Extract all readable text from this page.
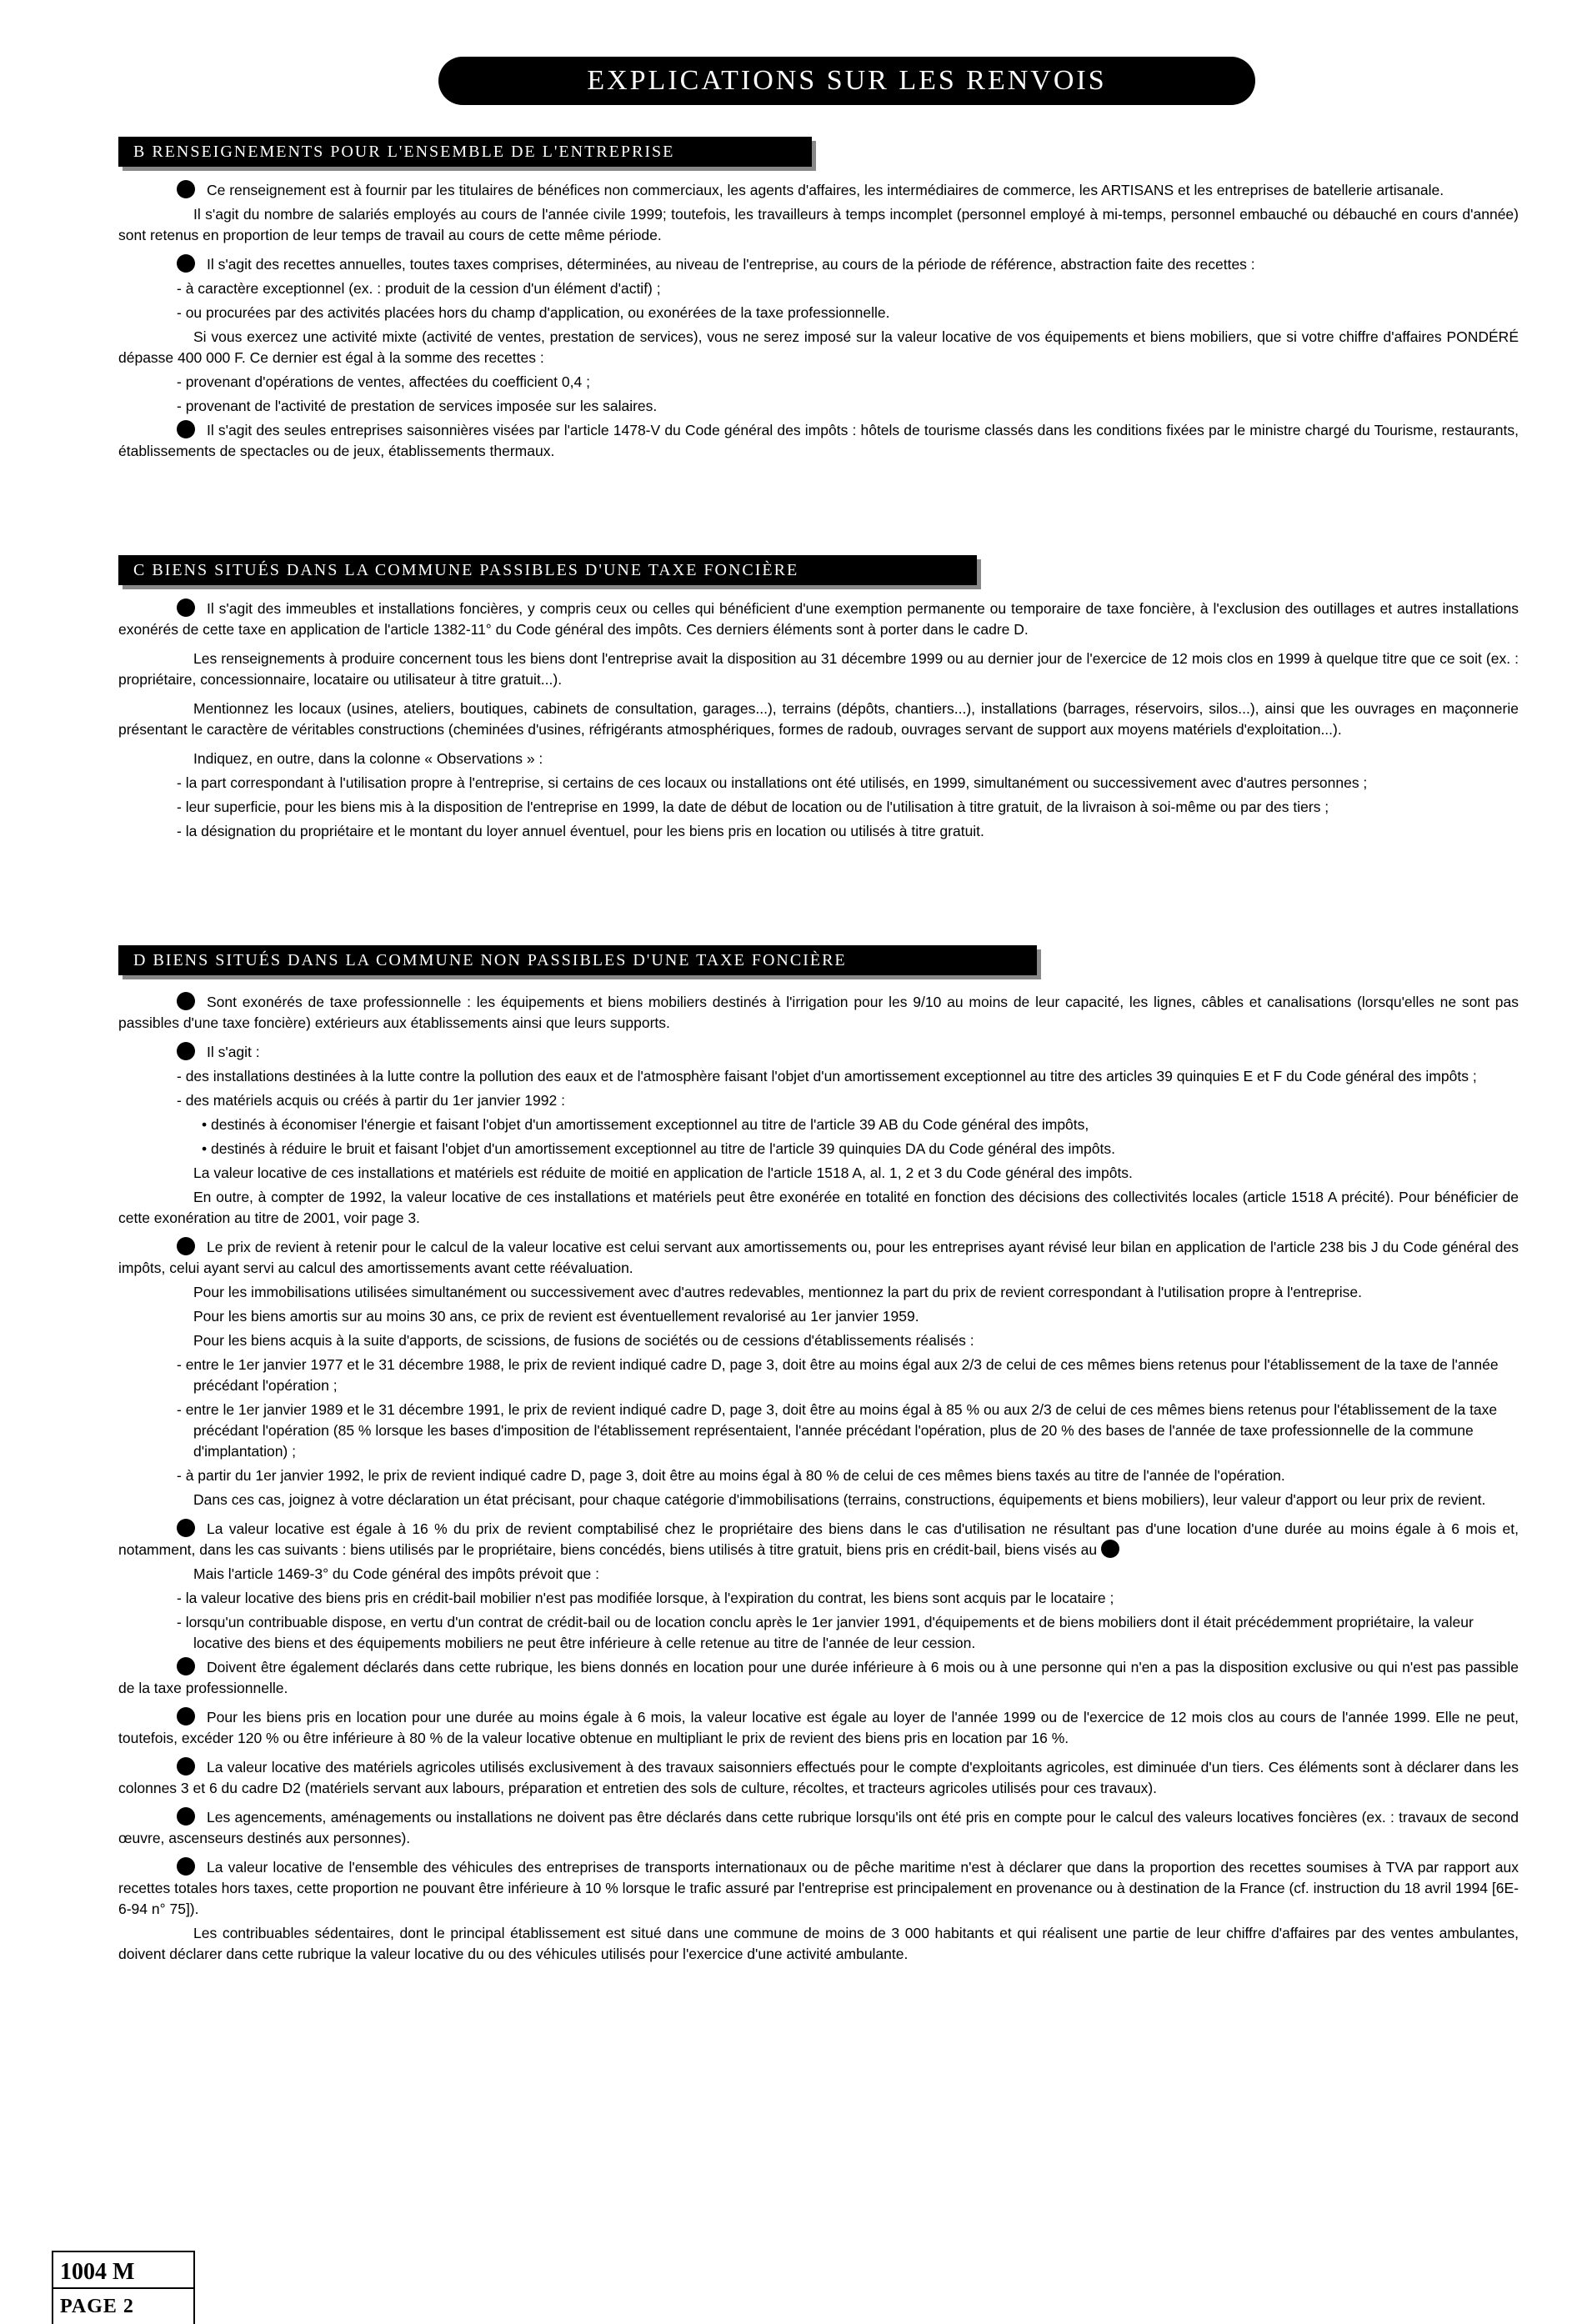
EXPLICATIONS SUR LES RENVOIS
B RENSEIGNEMENTS POUR L'ENSEMBLE DE L'ENTREPRISE

Ce renseignement est à fournir par les titulaires de bénéfices non commerciaux, les agents d'affaires, les intermédiaires de commerce, les ARTISANS et les entreprises de batellerie artisanale.

Il s'agit du nombre de salariés employés au cours de l'année civile 1999; toutefois, les travailleurs à temps incomplet (personnel employé à mi-temps, personnel embauché ou débauché en cours d'année) sont retenus en proportion de leur temps de travail au cours de cette même période.

Il s'agit des recettes annuelles, toutes taxes comprises, déterminées, au niveau de l'entreprise, au cours de la période de référence, abstraction faite des recettes :

- à caractère exceptionnel (ex. : produit de la cession d'un élément d'actif) ;

- ou procurées par des activités placées hors du champ d'application, ou exonérées de la taxe professionnelle.

Si vous exercez une activité mixte (activité de ventes, prestation de services), vous ne serez imposé sur la valeur locative de vos équipements et biens mobiliers, que si votre chiffre d'affaires PONDÉRÉ dépasse 400 000 F. Ce dernier est égal à la somme des recettes :

- provenant d'opérations de ventes, affectées du coefficient 0,4 ;

- provenant de l'activité de prestation de services imposée sur les salaires.

Il s'agit des seules entreprises saisonnières visées par l'article 1478-V du Code général des impôts : hôtels de tourisme classés dans les conditions fixées par le ministre chargé du Tourisme, restaurants, établissements de spectacles ou de jeux, établissements thermaux.

C BIENS SITUÉS DANS LA COMMUNE PASSIBLES D'UNE TAXE FONCIÈRE

Il s'agit des immeubles et installations foncières, y compris ceux ou celles qui bénéficient d'une exemption permanente ou temporaire de taxe foncière, à l'exclusion des outillages et autres installations exonérés de cette taxe en application de l'article 1382-11° du Code général des impôts. Ces derniers éléments sont à porter dans le cadre D.

Les renseignements à produire concernent tous les biens dont l'entreprise avait la disposition au 31 décembre 1999 ou au dernier jour de l'exercice de 12 mois clos en 1999 à quelque titre que ce soit (ex. : propriétaire, concessionnaire, locataire ou utilisateur à titre gratuit...).

Mentionnez les locaux (usines, ateliers, boutiques, cabinets de consultation, garages...), terrains (dépôts, chantiers...), installations (barrages, réservoirs, silos...), ainsi que les ouvrages en maçonnerie présentant le caractère de véritables constructions (cheminées d'usines, réfrigérants atmosphériques, formes de radoub, ouvrages servant de support aux moyens matériels d'exploitation...).

Indiquez, en outre, dans la colonne « Observations » :

- la part correspondant à l'utilisation propre à l'entreprise, si certains de ces locaux ou installations ont été utilisés, en 1999, simultanément ou successivement avec d'autres personnes ;

- leur superficie, pour les biens mis à la disposition de l'entreprise en 1999, la date de début de location ou de l'utilisation à titre gratuit, de la livraison à soi-même ou par des tiers ;

- la désignation du propriétaire et le montant du loyer annuel éventuel, pour les biens pris en location ou utilisés à titre gratuit.

D BIENS SITUÉS DANS LA COMMUNE NON PASSIBLES D'UNE TAXE FONCIÈRE

Sont exonérés de taxe professionnelle : les équipements et biens mobiliers destinés à l'irrigation pour les 9/10 au moins de leur capacité, les lignes, câbles et canalisations (lorsqu'elles ne sont pas passibles d'une taxe foncière) extérieurs aux établissements ainsi que leurs supports.

Il s'agit :

- des installations destinées à la lutte contre la pollution des eaux et de l'atmosphère faisant l'objet d'un amortissement exceptionnel au titre des articles 39 quinquies E et F du Code général des impôts ;

- des matériels acquis ou créés à partir du 1er janvier 1992 :

• destinés à économiser l'énergie et faisant l'objet d'un amortissement exceptionnel au titre de l'article 39 AB du Code général des impôts,

• destinés à réduire le bruit et faisant l'objet d'un amortissement exceptionnel au titre de l'article 39 quinquies DA du Code général des impôts.

La valeur locative de ces installations et matériels est réduite de moitié en application de l'article 1518 A, al. 1, 2 et 3 du Code général des impôts.

En outre, à compter de 1992, la valeur locative de ces installations et matériels peut être exonérée en totalité en fonction des décisions des collectivités locales (article 1518 A précité). Pour bénéficier de cette exonération au titre de 2001, voir page 3.

Le prix de revient à retenir pour le calcul de la valeur locative est celui servant aux amortissements ou, pour les entreprises ayant révisé leur bilan en application de l'article 238 bis J du Code général des impôts, celui ayant servi au calcul des amortissements avant cette réévaluation.

Pour les immobilisations utilisées simultanément ou successivement avec d'autres redevables, mentionnez la part du prix de revient correspondant à l'utilisation propre à l'entreprise.

Pour les biens amortis sur au moins 30 ans, ce prix de revient est éventuellement revalorisé au 1er janvier 1959.

Pour les biens acquis à la suite d'apports, de scissions, de fusions de sociétés ou de cessions d'établissements réalisés :

- entre le 1er janvier 1977 et le 31 décembre 1988, le prix de revient indiqué cadre D, page 3, doit être au moins égal aux 2/3 de celui de ces mêmes biens retenus pour l'établissement de la taxe de l'année précédant l'opération ;

- entre le 1er janvier 1989 et le 31 décembre 1991, le prix de revient indiqué cadre D, page 3, doit être au moins égal à 85 % ou aux 2/3 de celui de ces mêmes biens retenus pour l'établissement de la taxe précédant l'opération (85 % lorsque les bases d'imposition de l'établissement représentaient, l'année précédant l'opération, plus de 20 % des bases de l'année de taxe professionnelle de la commune d'implantation) ;

- à partir du 1er janvier 1992, le prix de revient indiqué cadre D, page 3, doit être au moins égal à 80 % de celui de ces mêmes biens taxés au titre de l'année de l'opération.

Dans ces cas, joignez à votre déclaration un état précisant, pour chaque catégorie d'immobilisations (terrains, constructions, équipements et biens mobiliers), leur valeur d'apport ou leur prix de revient.

La valeur locative est égale à 16 % du prix de revient comptabilisé chez le propriétaire des biens dans le cas d'utilisation ne résultant pas d'une location d'une durée au moins égale à 6 mois et, notamment, dans les cas suivants : biens utilisés par le propriétaire, biens concédés, biens utilisés à titre gratuit, biens pris en crédit-bail, biens visés au

Mais l'article 1469-3° du Code général des impôts prévoit que :

- la valeur locative des biens pris en crédit-bail mobilier n'est pas modifiée lorsque, à l'expiration du contrat, les biens sont acquis par le locataire ;

- lorsqu'un contribuable dispose, en vertu d'un contrat de crédit-bail ou de location conclu après le 1er janvier 1991, d'équipements et de biens mobiliers dont il était précédemment propriétaire, la valeur locative des biens et des équipements mobiliers ne peut être inférieure à celle retenue au titre de l'année de leur cession.

Doivent être également déclarés dans cette rubrique, les biens donnés en location pour une durée inférieure à 6 mois ou à une personne qui n'en a pas la disposition exclusive ou qui n'est pas passible de la taxe professionnelle.

Pour les biens pris en location pour une durée au moins égale à 6 mois, la valeur locative est égale au loyer de l'année 1999 ou de l'exercice de 12 mois clos au cours de l'année 1999. Elle ne peut, toutefois, excéder 120 % ou être inférieure à 80 % de la valeur locative obtenue en multipliant le prix de revient des biens pris en location par 16 %.

La valeur locative des matériels agricoles utilisés exclusivement à des travaux saisonniers effectués pour le compte d'exploitants agricoles, est diminuée d'un tiers. Ces éléments sont à déclarer dans les colonnes 3 et 6 du cadre D2 (matériels servant aux labours, préparation et entretien des sols de culture, récoltes, et tracteurs agricoles utilisés pour ces travaux).

Les agencements, aménagements ou installations ne doivent pas être déclarés dans cette rubrique lorsqu'ils ont été pris en compte pour le calcul des valeurs locatives foncières (ex. : travaux de second œuvre, ascenseurs destinés aux personnes).

La valeur locative de l'ensemble des véhicules des entreprises de transports internationaux ou de pêche maritime n'est à déclarer que dans la proportion des recettes soumises à TVA par rapport aux recettes totales hors taxes, cette proportion ne pouvant être inférieure à 10 % lorsque le trafic assuré par l'entreprise est principalement en provenance ou à destination de la France (cf. instruction du 18 avril 1994 [6E-6-94 n° 75]).

Les contribuables sédentaires, dont le principal établissement est situé dans une commune de moins de 3 000 habitants et qui réalisent une partie de leur chiffre d'affaires par des ventes ambulantes, doivent déclarer dans cette rubrique la valeur locative du ou des véhicules utilisés pour l'exercice d'une activité ambulante.

1004 M
PAGE 2
